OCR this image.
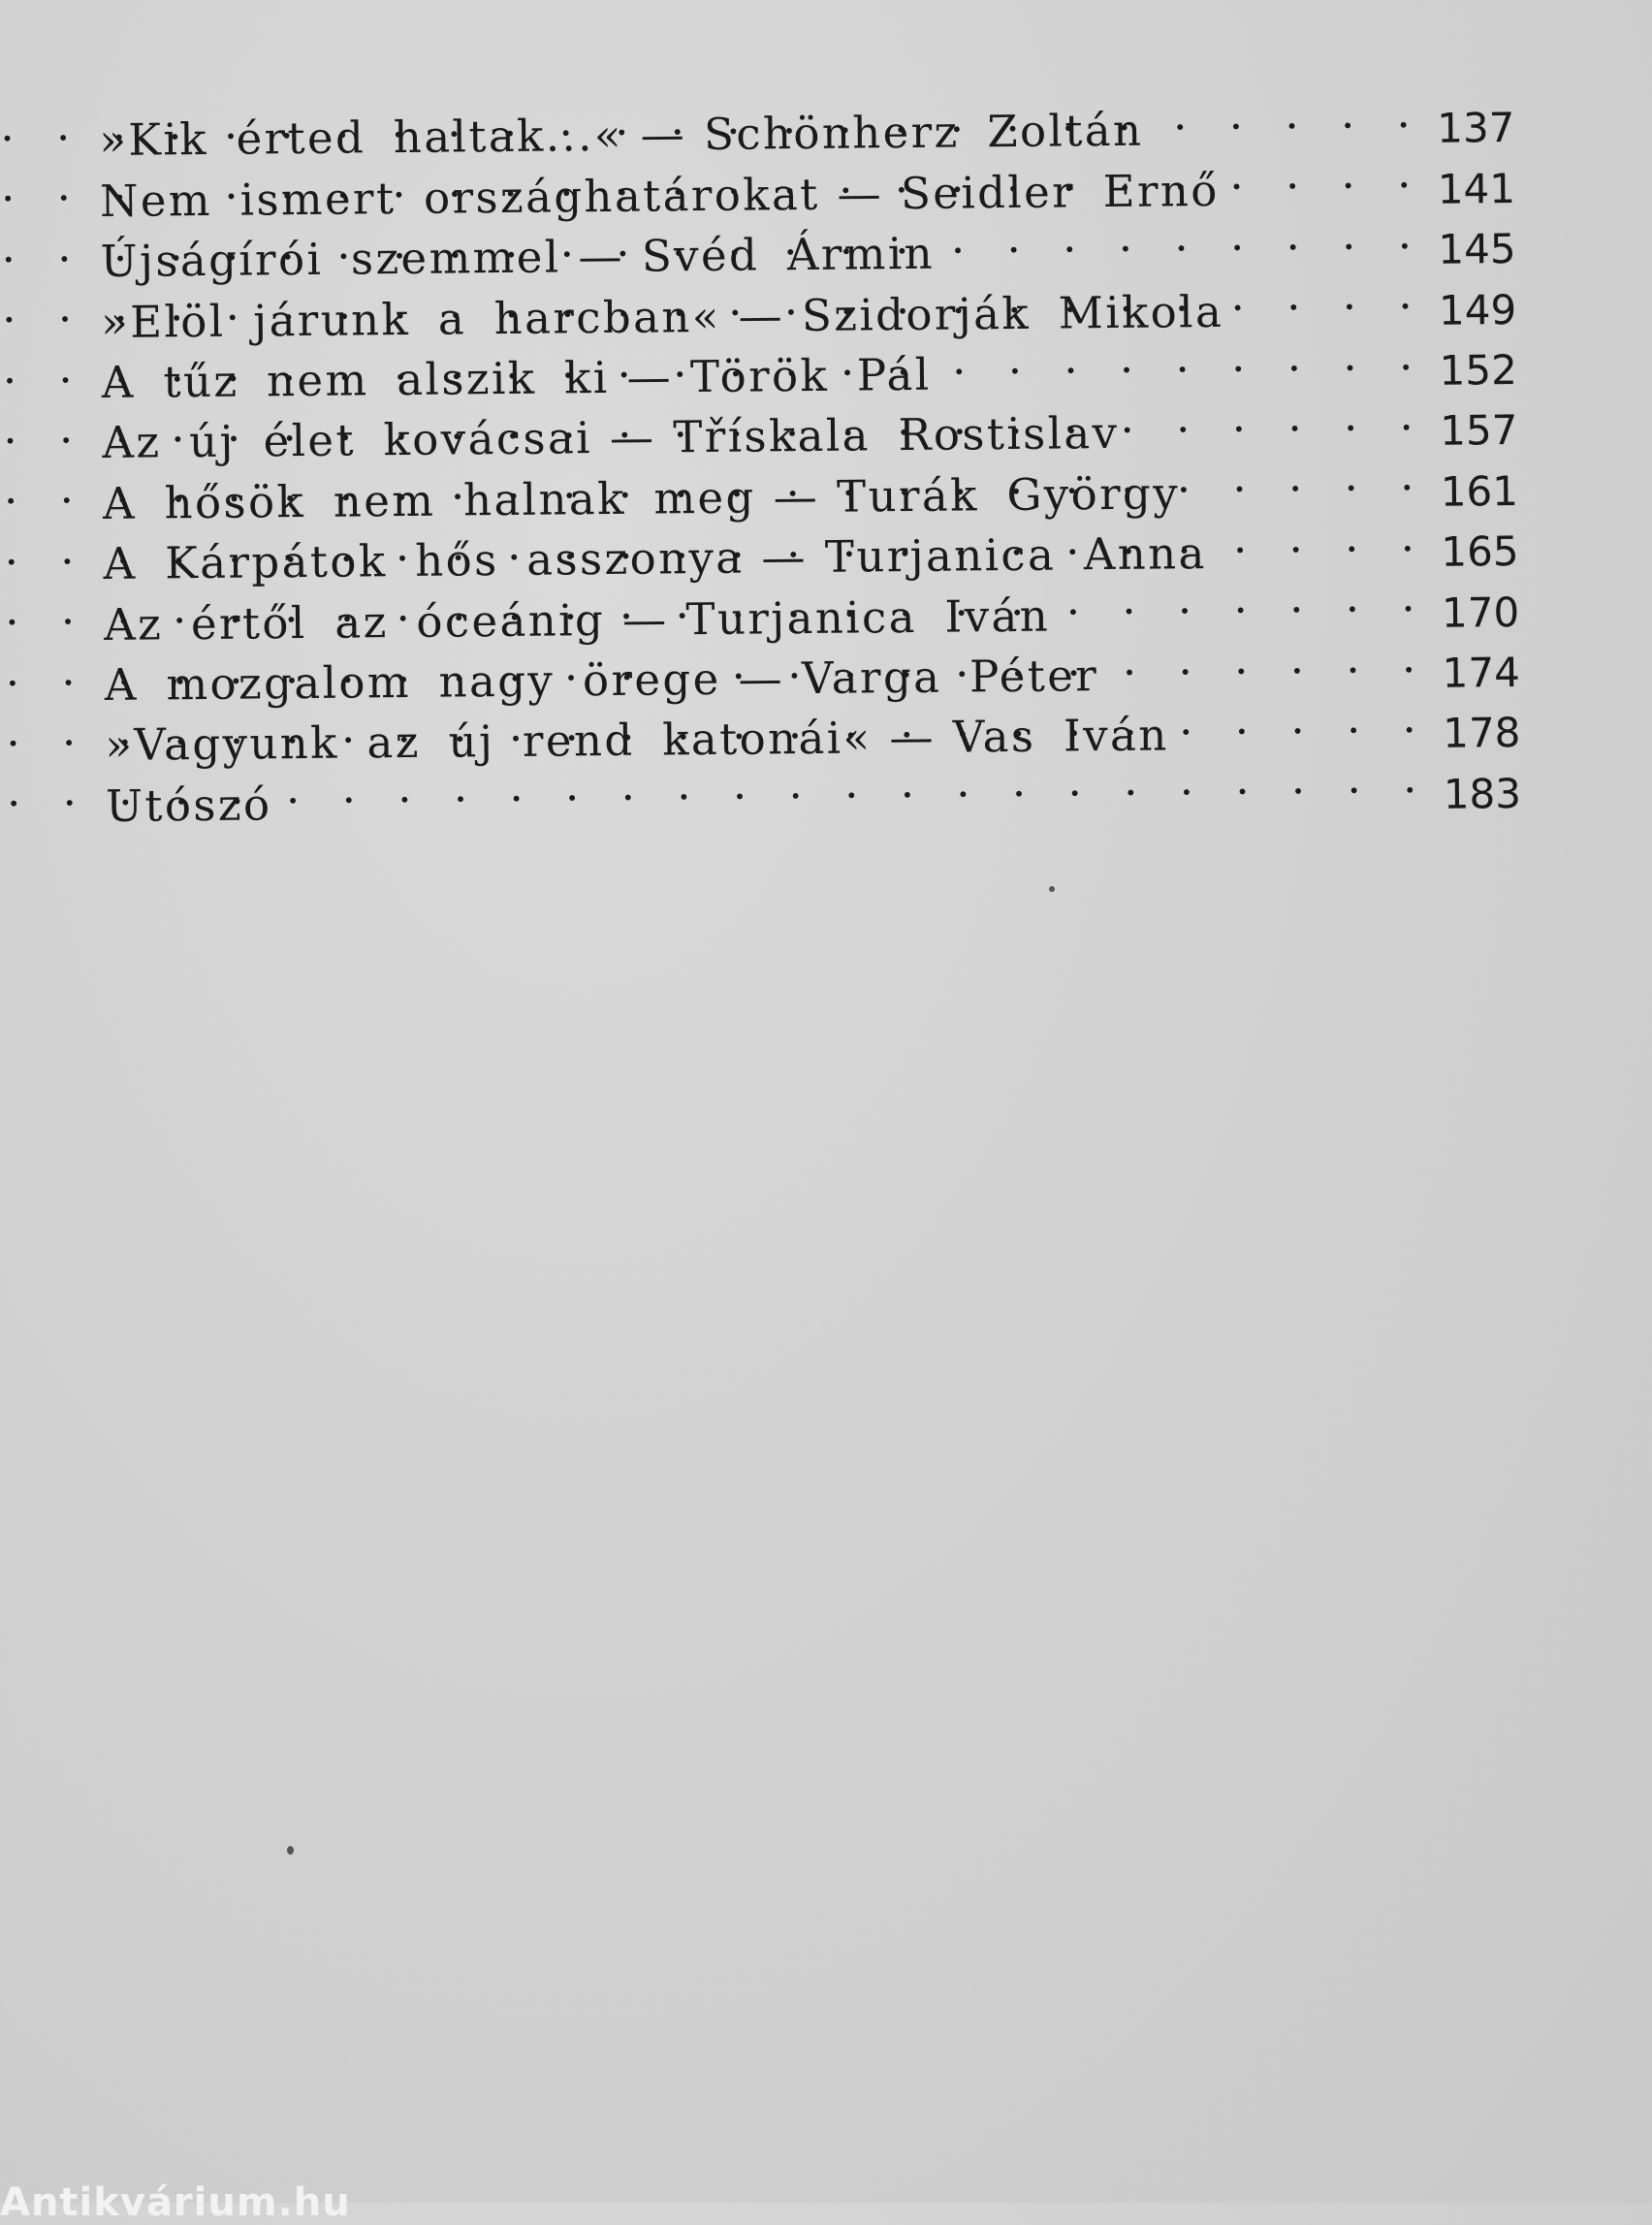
»Kik érted haltak...« — Schönherz Zoltán . . .	137
Nem ismert országhatárokat — Seidler Ernő . . .	141
Újságírói szemmel — Svéd Ármin . . .	145
»Elöl járunk a harcban« — Szidorják Mikola . . .	149
A tűz nem alszik ki — Török Pál . . .	152
Az új élet kovácsai — Třískala Rostislav . . .	157
A hősök nem halnak meg — Turák György . . .	161
A Kárpátok hős asszonya — Turjanica Anna . . .	165
Az értől az óceánig — Turjanica Iván . . .	170
A mozgalom nagy örege — Varga Péter . . .	174
»Vagyunk az új rend katonái« — Vas Iván . . .	178
Utószó . . .	183
Antikvárium.hu
